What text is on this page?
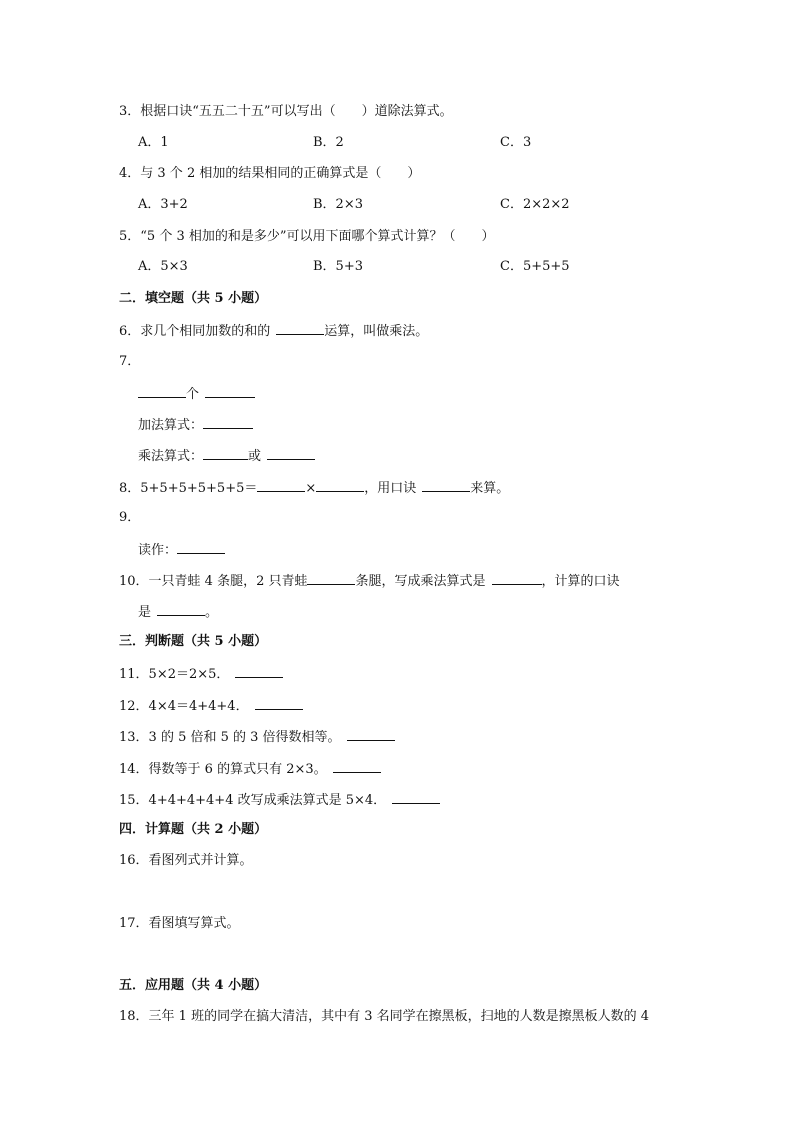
3．根据口诀“五五二十五”可以写出（　　）道除法算式。
A．1	B．2	C．3
4．与 3 个 2 相加的结果相同的正确算式是（　　）
A．3+2	B．2×3	C．2×2×2
5．“5 个 3 相加的和是多少”可以用下面哪个算式计算？（　　）
A．5×3	B．5+3	C．5+5+5
二．填空题（共 5 小题）
6．求几个相同加数的和的	运算，叫做乘法。
7．
个
加法算式：
乘法算式：	或
8．5+5+5+5+5+5＝	×	，用口诀	来算。
9．
读作：
10．一只青蛙 4 条腿，2 只青蛙	条腿，写成乘法算式是	，计算的口诀
是	。
三．判断题（共 5 小题）
11．5×2＝2×5．
12．4×4＝4+4+4．
13．3 的 5 倍和 5 的 3 倍得数相等。
14．得数等于 6 的算式只有 2×3。
15．4+4+4+4+4 改写成乘法算式是 5×4．
四．计算题（共 2 小题）
16．看图列式并计算。
17．看图填写算式。
五．应用题（共 4 小题）
18．三年 1 班的同学在搞大清洁，其中有 3 名同学在擦黑板，扫地的人数是擦黑板人数的 4
